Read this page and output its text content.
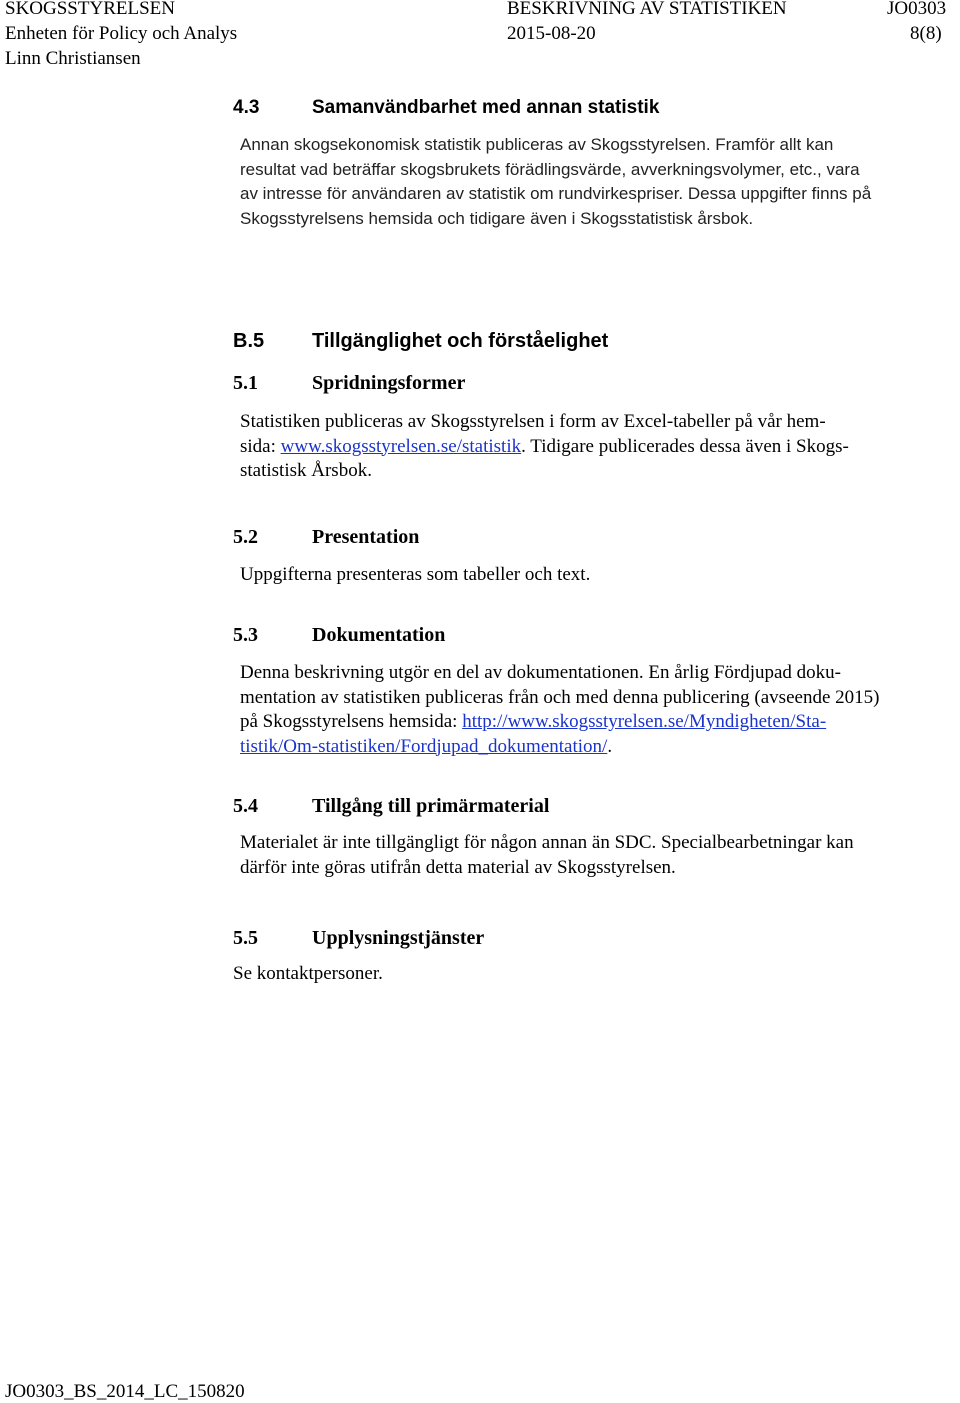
SKOGSSTYRELSEN	BESKRIVNING AV STATISTIKEN	JO0303
Enheten för Policy och Analys	2015-08-20	8(8)
Linn Christiansen
4.3	Samanvändbarhet med annan statistik
Annan skogsekonomisk statistik publiceras av Skogsstyrelsen. Framför allt kan
resultat vad beträffar skogsbrukets förädlingsvärde, avverkningsvolymer, etc., vara
av intresse för användaren av statistik om rundvirkespriser. Dessa uppgifter finns på
Skogsstyrelsens hemsida och tidigare även i Skogsstatistisk årsbok.
B.5 Tillgänglighet och förståelighet
5.1	Spridningsformer
Statistiken publiceras av Skogsstyrelsen i form av Excel-tabeller på vår hem-
sida: www.skogsstyrelsen.se/statistik. Tidigare publicerades dessa även i Skogs-
statistisk Årsbok.
5.2	Presentation
Uppgifterna presenteras som tabeller och text.
5.3	Dokumentation
Denna beskrivning utgör en del av dokumentationen. En årlig Fördjupad doku-
mentation av statistiken publiceras från och med denna publicering (avseende 2015)
på Skogsstyrelsens hemsida: http://www.skogsstyrelsen.se/Myndigheten/Sta-
tistik/Om-statistiken/Fordjupad_dokumentation/.
5.4	Tillgång till primärmaterial
Materialet är inte tillgängligt för någon annan än SDC. Specialbearbetningar kan
därför inte göras utifrån detta material av Skogsstyrelsen.
5.5	Upplysningstjänster
Se kontaktpersoner.
JO0303_BS_2014_LC_150820
